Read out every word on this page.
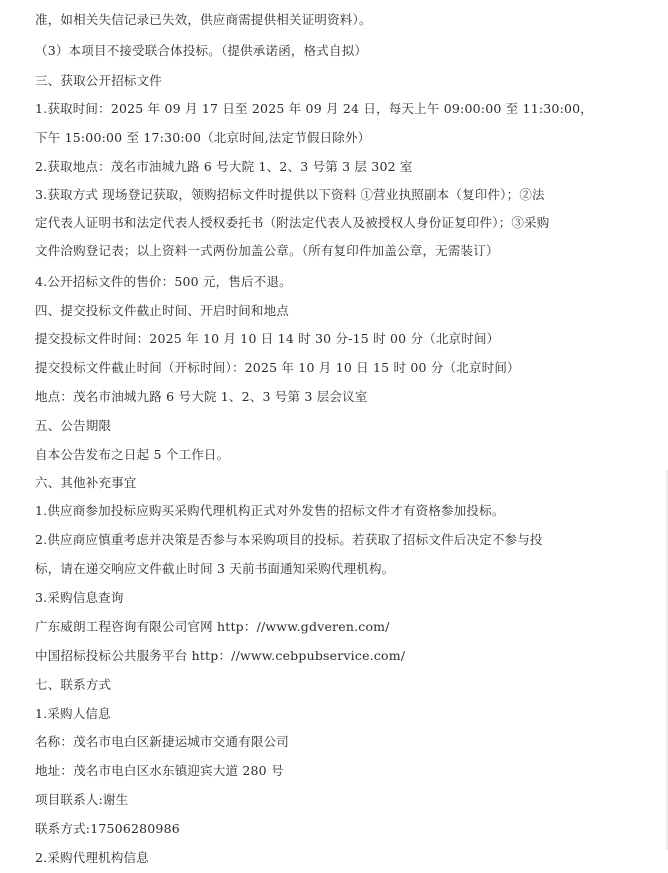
准，如相关失信记录已失效，供应商需提供相关证明资料）。
（3）本项目不接受联合体投标。（提供承诺函，格式自拟）
三、获取公开招标文件
1.获取时间：2025 年 09 月 17 日至 2025 年 09 月 24 日，每天上午 09:00:00 至 11:30:00，
下午 15:00:00 至 17:30:00（北京时间,法定节假日除外）
2.获取地点：茂名市油城九路 6 号大院 1、2、3 号第 3 层 302 室
3.获取方式 现场登记获取，领购招标文件时提供以下资料 ①营业执照副本（复印件）；②法
定代表人证明书和法定代表人授权委托书（附法定代表人及被授权人身份证复印件）；③采购
文件洽购登记表；以上资料一式两份加盖公章。（所有复印件加盖公章，无需装订）
4.公开招标文件的售价：500 元，售后不退。
四、提交投标文件截止时间、开启时间和地点
提交投标文件时间：2025 年 10 月 10 日 14 时 30 分-15 时 00 分（北京时间）
提交投标文件截止时间（开标时间）：2025 年 10 月 10 日 15 时 00 分（北京时间）
地点：茂名市油城九路 6 号大院 1、2、3 号第 3 层会议室
五、公告期限
自本公告发布之日起 5 个工作日。
六、其他补充事宜
1.供应商参加投标应购买采购代理机构正式对外发售的招标文件才有资格参加投标。
2.供应商应慎重考虑并决策是否参与本采购项目的投标。若获取了招标文件后决定不参与投
标，请在递交响应文件截止时间 3 天前书面通知采购代理机构。
3.采购信息查询
广东威朗工程咨询有限公司官网 http：//www.gdveren.com/
中国招标投标公共服务平台 http：//www.cebpubservice.com/
七、联系方式
1.采购人信息
名称：茂名市电白区新捷运城市交通有限公司
地址：茂名市电白区水东镇迎宾大道 280 号
项目联系人:谢生
联系方式:17506280986
2.采购代理机构信息
